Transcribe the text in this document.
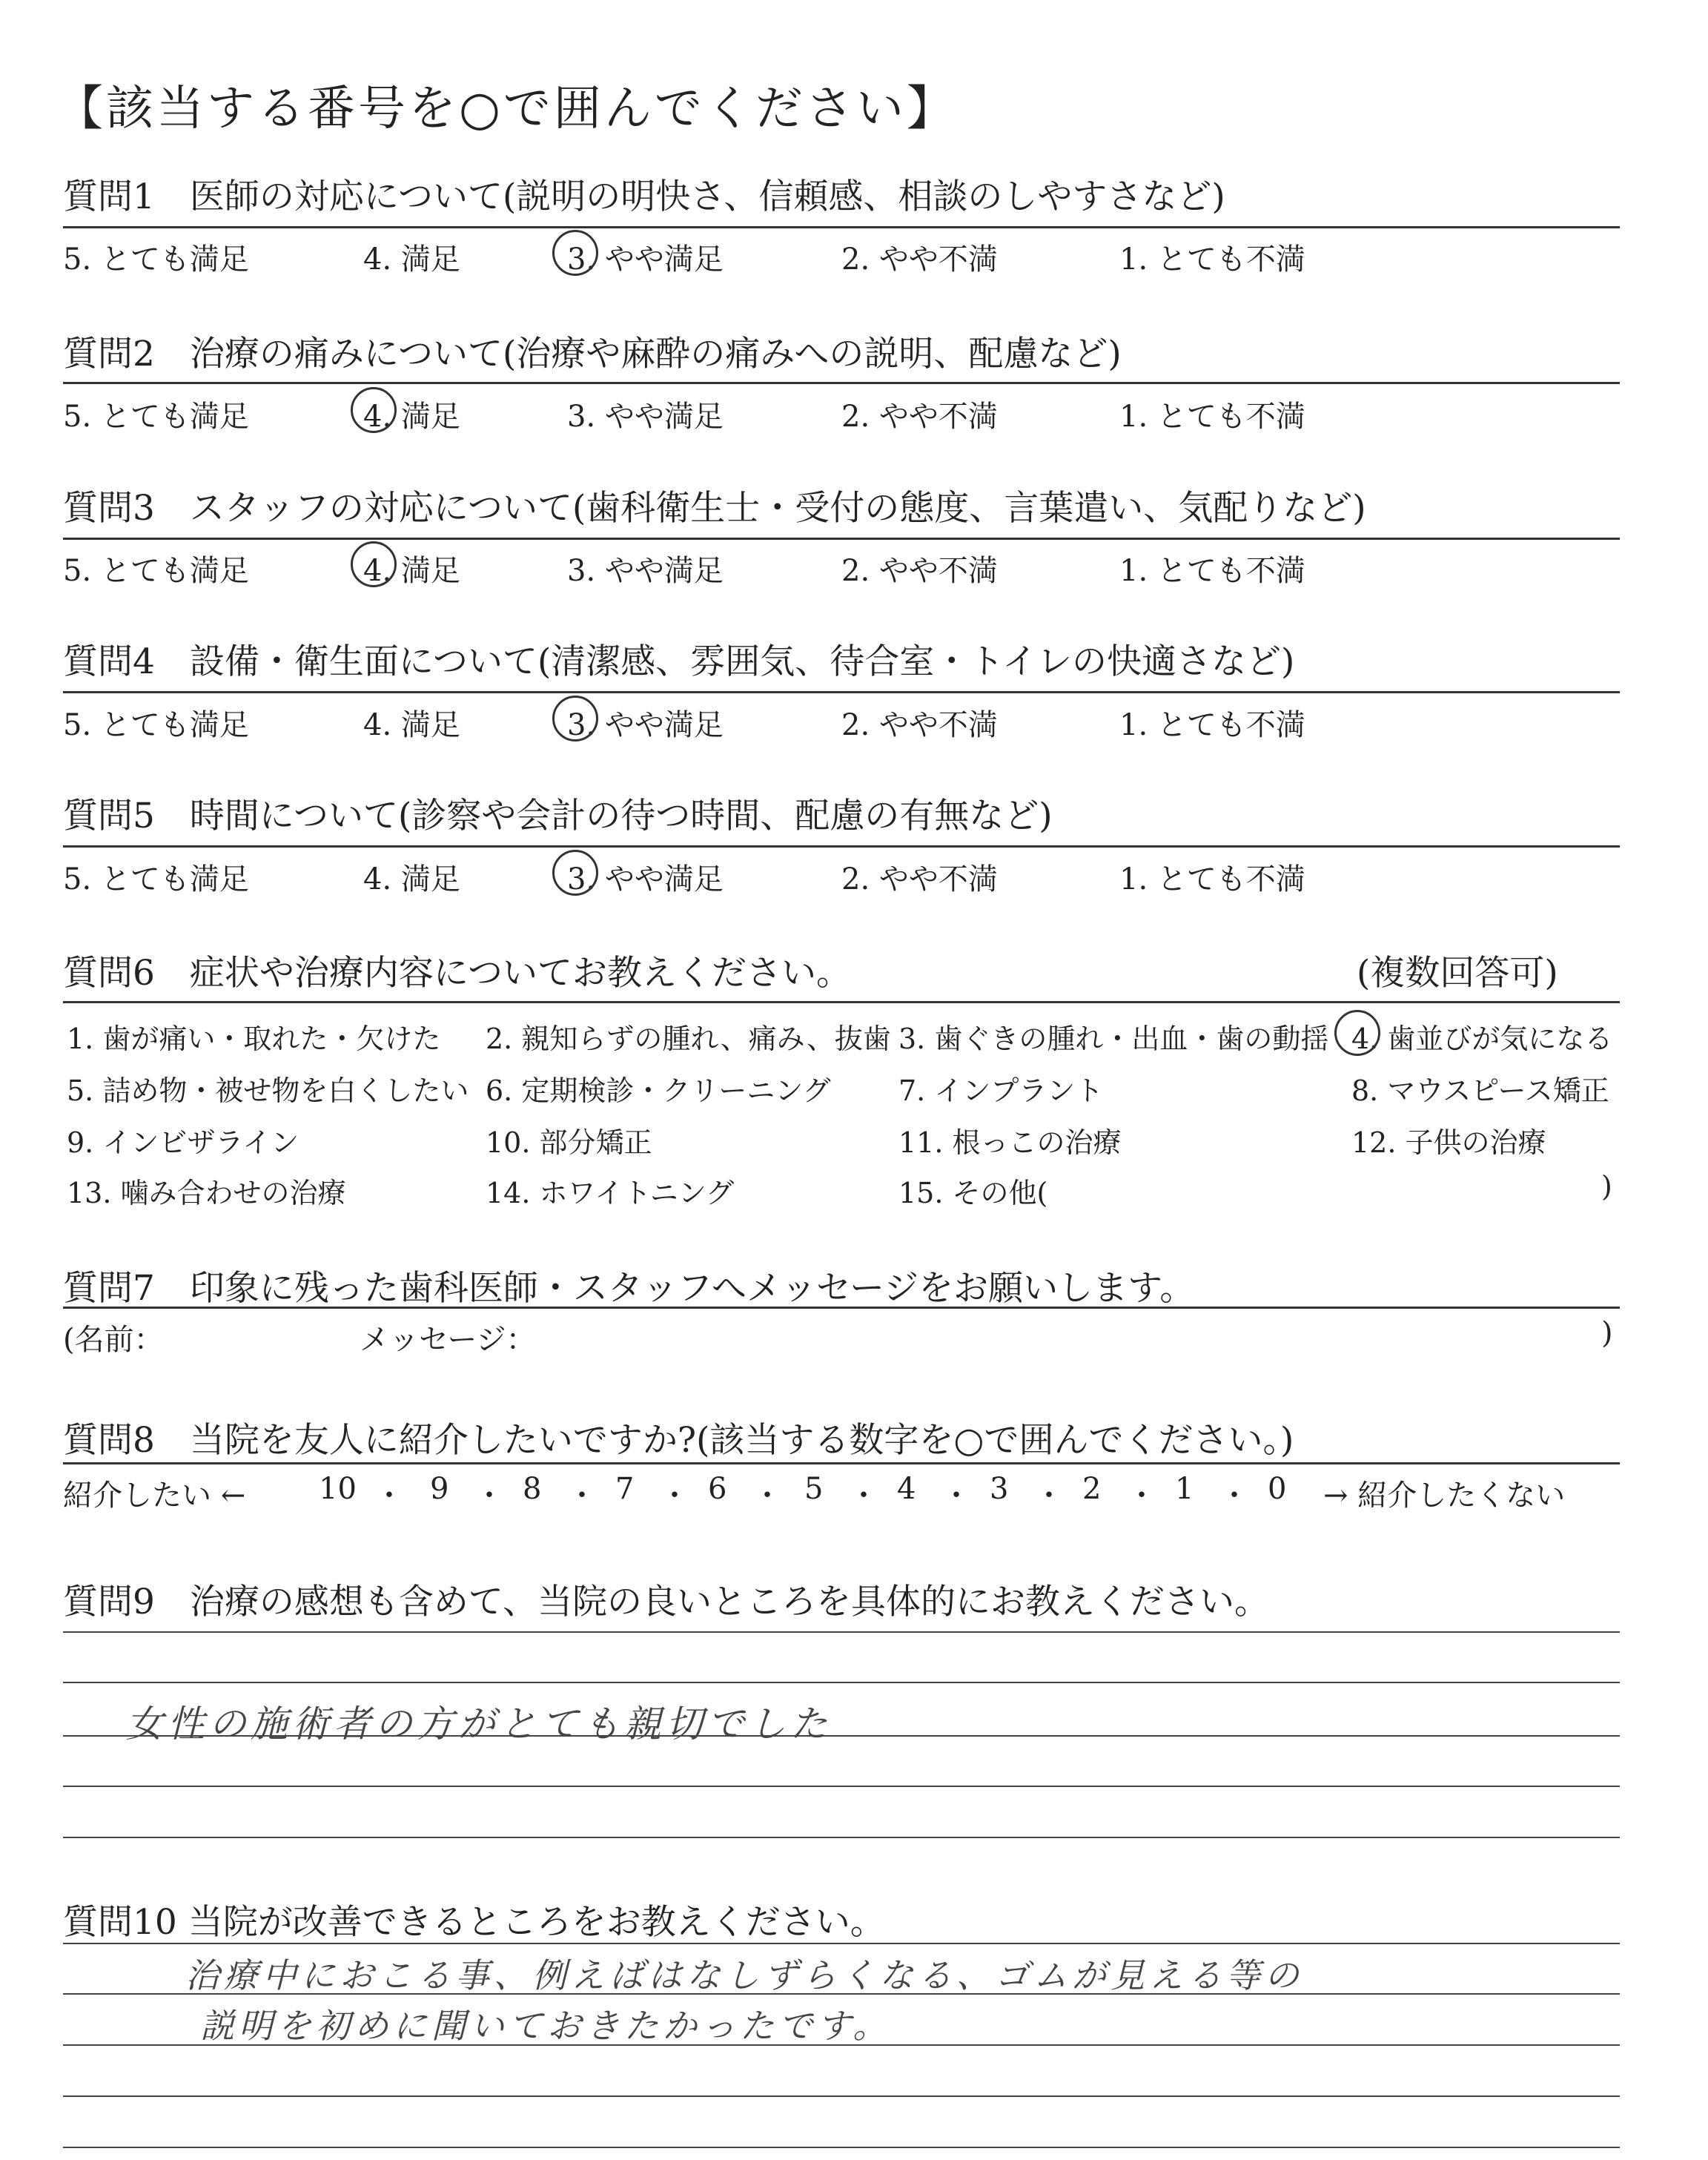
【該当する番号を○で囲んでください】
質問1　医師の対応について(説明の明快さ、信頼感、相談のしやすさなど)
5. とても満足	4. 満足	3. やや満足	2. やや不満	1. とても不満
質問2　治療の痛みについて(治療や麻酔の痛みへの説明、配慮など)
5. とても満足	4. 満足	3. やや満足	2. やや不満	1. とても不満
質問3　スタッフの対応について(歯科衛生士・受付の態度、言葉遣い、気配りなど)
5. とても満足	4. 満足	3. やや満足	2. やや不満	1. とても不満
質問4　設備・衛生面について(清潔感、雰囲気、待合室・トイレの快適さなど)
5. とても満足	4. 満足	3. やや満足	2. やや不満	1. とても不満
質問5　時間について(診察や会計の待つ時間、配慮の有無など)
5. とても満足	4. 満足	3. やや満足	2. やや不満	1. とても不満
質問6　症状や治療内容についてお教えください。	(複数回答可)
1. 歯が痛い・取れた・欠けた 2. 親知らずの腫れ、痛み、抜歯 3. 歯ぐきの腫れ・出血・歯の動揺 4. 歯並びが気になる
5. 詰め物・被せ物を白くしたい 6. 定期検診・クリーニング 7. インプラント	8. マウスピース矯正
9. インビザライン	10. 部分矯正	11. 根っこの治療	12. 子供の治療
13. 噛み合わせの治療	14. ホワイトニング	15. その他(	)
質問7　印象に残った歯科医師・スタッフへメッセージをお願いします。
(名前：	メッセージ：	)
質問8　当院を友人に紹介したいですか?(該当する数字を○で囲んでください。)
紹介したい ← 10 ・ 9 ・ 8 ・ 7 ・ 6 ・ 5 ・ 4 ・ 3 ・ 2 ・ 1 ・ 0 → 紹介したくない
質問9　治療の感想も含めて、当院の良いところを具体的にお教えください。
女性の施術者の方がとても親切でした
質問10 当院が改善できるところをお教えください。
治療中におこる事、例えばはなしずらくなる、ゴムが見える等の
説明を初めに聞いておきたかったです。
